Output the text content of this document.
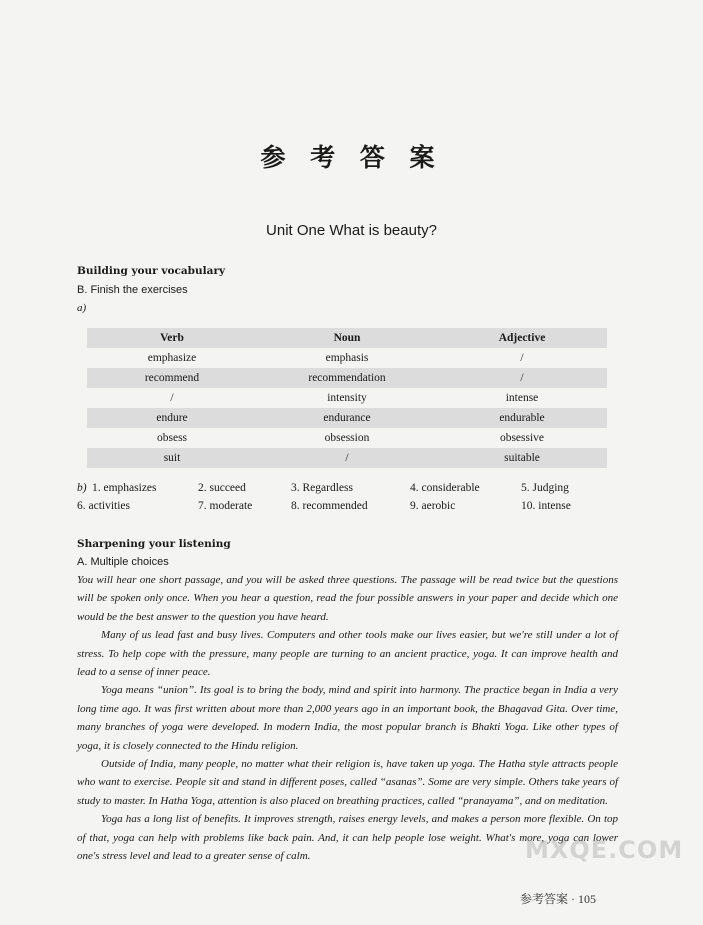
参 考 答 案
Unit One What is beauty?
Building your vocabulary
B. Finish the exercises
a)
Verb	Noun	Adjective
emphasize	emphasis	/
recommend	recommendation	/
/	intensity	intense
endure	endurance	endurable
obsess	obsession	obsessive
suit	/	suitable
b) 1. emphasizes	2. succeed	3. Regardless	4. considerable	5. Judging
6. activities	7. moderate	8. recommended	9. aerobic	10. intense
Sharpening your listening
A. Multiple choices

You will hear one short passage, and you will be asked three questions. The passage will be read twice but the questions will be spoken only once. When you hear a question, read the four possible answers in your paper and decide which one would be the best answer to the question you have heard.

Many of us lead fast and busy lives. Computers and other tools make our lives easier, but we're still under a lot of stress. To help cope with the pressure, many people are turning to an ancient practice, yoga. It can improve health and lead to a sense of inner peace.

Yoga means “union”. Its goal is to bring the body, mind and spirit into harmony. The practice began in India a very long time ago. It was first written about more than 2,000 years ago in an important book, the Bhagavad Gita. Over time, many branches of yoga were developed. In modern India, the most popular branch is Bhakti Yoga. Like other types of yoga, it is closely connected to the Hindu religion.

Outside of India, many people, no matter what their religion is, have taken up yoga. The Hatha style attracts people who want to exercise. People sit and stand in different poses, called “asanas”. Some are very simple. Others take years of study to master. In Hatha Yoga, attention is also placed on breathing practices, called “pranayama”, and on meditation.

Yoga has a long list of benefits. It improves strength, raises energy levels, and makes a person more flexible. On top of that, yoga can help with problems like back pain. And, it can help people lose weight. What's more, yoga can lower one's stress level and lead to a greater sense of calm.	MXQE.COM
参考答案 · 105
